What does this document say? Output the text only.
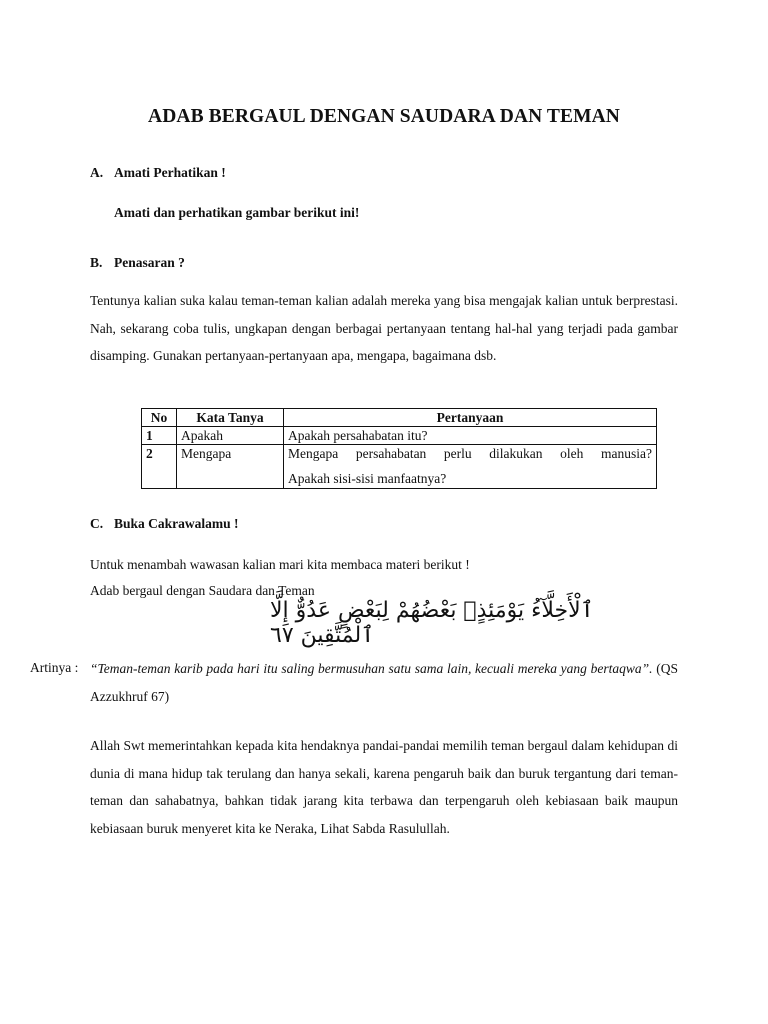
ADAB BERGAUL DENGAN SAUDARA DAN TEMAN
A. Amati Perhatikan !
Amati dan perhatikan gambar berikut ini!
B. Penasaran ?

Tentunya kalian suka kalau teman-teman kalian adalah mereka yang bisa mengajak kalian untuk berprestasi. Nah, sekarang coba tulis, ungkapan dengan berbagai pertanyaan tentang hal-hal yang terjadi pada gambar disamping. Gunakan pertanyaan-pertanyaan apa, mengapa, bagaimana dsb.

No	Kata Tanya	Pertanyaan
1	Apakah	Apakah persahabatan itu?
2	Mengapa	Mengapa persahabatan perlu dilakukan oleh manusia?
Apakah sisi-sisi manfaatnya?
C. Buka Cakrawalamu !
Untuk menambah wawasan kalian mari kita membaca materi berikut !
Adab bergaul dengan Saudara dan Teman
ٱلْأَخِلَّآءُ يَوْمَئِذٍۭ بَعْضُهُمْ لِبَعْضٍ عَدُوٌّ إِلَّا ٱلْمُتَّقِينَ ٦٧
Artinya : “Teman-teman karib pada hari itu saling bermusuhan satu sama lain, kecuali mereka yang bertaqwa”. (QS Azzukhruf 67)

Allah Swt memerintahkan kepada kita hendaknya pandai-pandai memilih teman bergaul dalam kehidupan di dunia di mana hidup tak terulang dan hanya sekali, karena pengaruh baik dan buruk tergantung dari teman-teman dan sahabatnya, bahkan tidak jarang kita terbawa dan terpengaruh oleh kebiasaan baik maupun kebiasaan buruk menyeret kita ke Neraka, Lihat Sabda Rasulullah.
